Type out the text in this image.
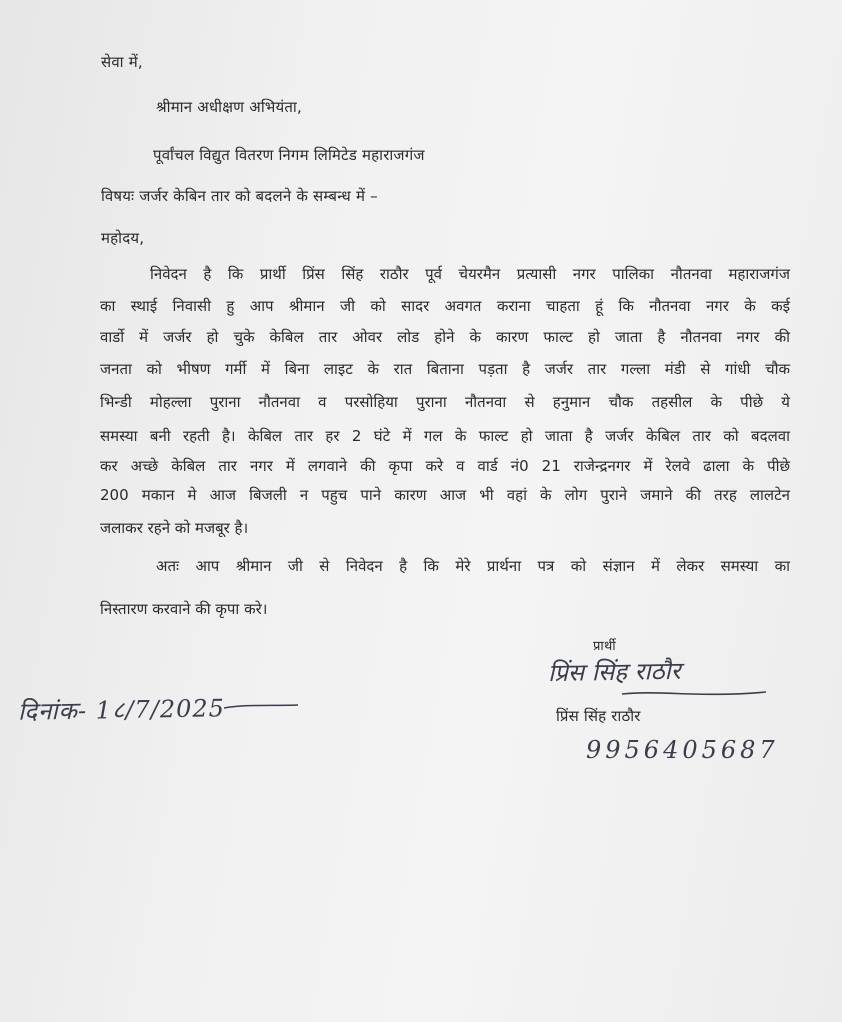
सेवा में,
श्रीमान अधीक्षण अभियंता,
पूर्वांचल विद्युत वितरण निगम लिमिटेड महाराजगंज
विषयः जर्जर केबिन तार को बदलने के सम्बन्ध में –
महोदय,
निवेदन है कि प्रार्थी प्रिंस सिंह राठौर पूर्व चेयरमैन प्रत्यासी नगर पालिका नौतनवा महाराजगंज
का स्थाई निवासी हु आप श्रीमान जी को सादर अवगत कराना चाहता हूं कि नौतनवा नगर के कई
वार्डो में जर्जर हो चुके केबिल तार ओवर लोड होने के कारण फाल्ट हो जाता है नौतनवा नगर की
जनता को भीषण गर्मी में बिना लाइट के रात बिताना पड़ता है जर्जर तार गल्ला मंडी से गांधी चौक
भिन्डी मोहल्ला पुराना नौतनवा व परसोहिया पुराना नौतनवा से हनुमान चौक तहसील के पीछे ये
समस्या बनी रहती है। केबिल तार हर 2 घंटे में गल के फाल्ट हो जाता है जर्जर केबिल तार को बदलवा
कर अच्छे केबिल तार नगर में लगवाने की कृपा करे व वार्ड नं0 21 राजेन्द्रनगर में रेलवे ढाला के पीछे
200 मकान मे आज बिजली न पहुच पाने कारण आज भी वहां के लोग पुराने जमाने की तरह लालटेन
जलाकर रहने को मजबूर है।
अतः आप श्रीमान जी से निवेदन है कि मेरे प्रार्थना पत्र को संज्ञान में लेकर समस्या का
निस्तारण करवाने की कृपा करे।
प्रार्थी
प्रिंस सिंह राठौर
प्रिंस सिंह राठौर
9956405687
दिनांक- 1८/7/2025
